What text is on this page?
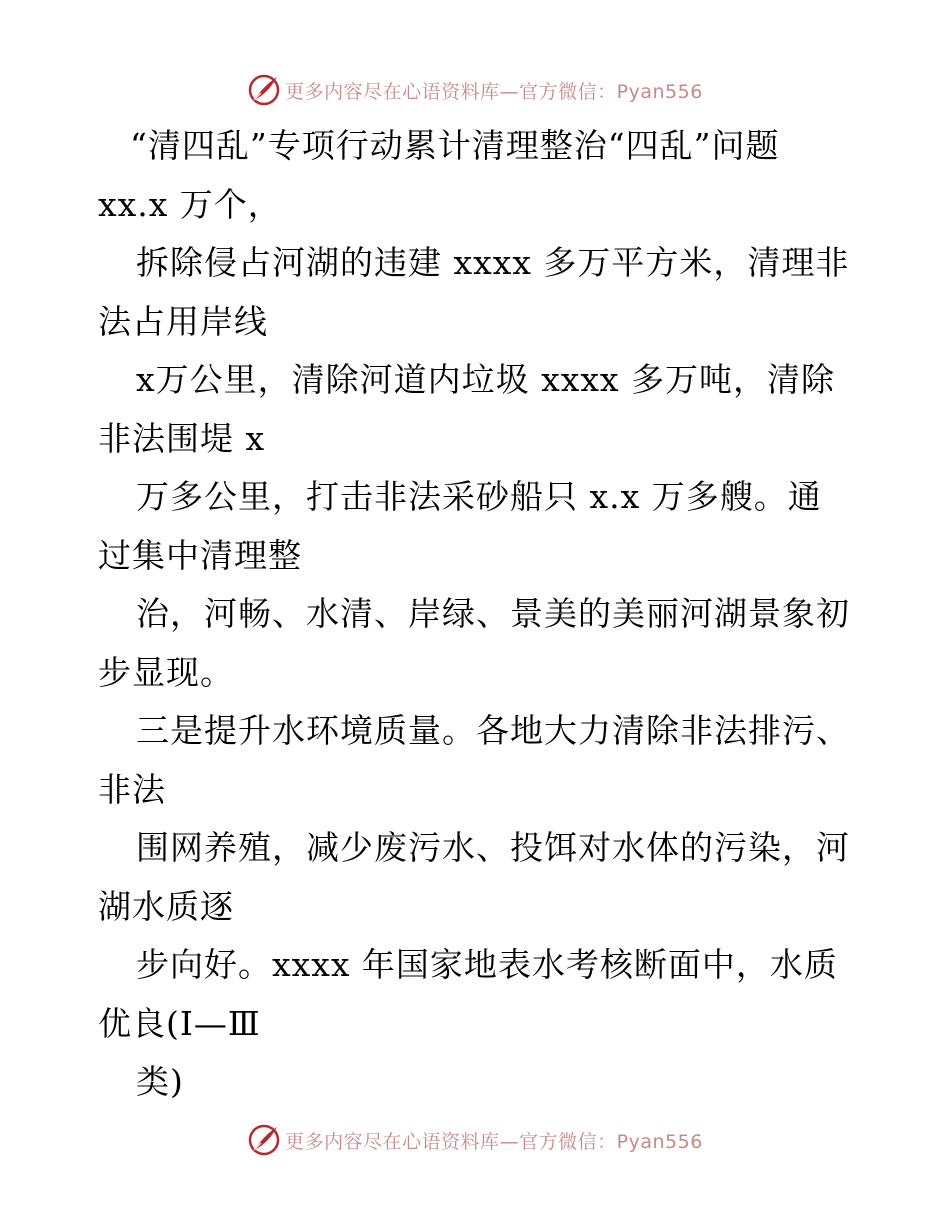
更多内容尽在心语资料库—官方微信：Pyan556
“清四乱”专项行动累计清理整治“四乱”问题
xx.x 万个，
拆除侵占河湖的违建 xxxx 多万平方米，清理非
法占用岸线
x万公里，清除河道内垃圾 xxxx 多万吨，清除
非法围堤 x
万多公里，打击非法采砂船只 x.x 万多艘。通
过集中清理整
治，河畅、水清、岸绿、景美的美丽河湖景象初
步显现。
三是提升水环境质量。各地大力清除非法排污、
非法
围网养殖，减少废污水、投饵对水体的污染，河
湖水质逐
步向好。xxxx 年国家地表水考核断面中，水质
优良(Ⅰ—Ⅲ
类)
更多内容尽在心语资料库—官方微信：Pyan556
